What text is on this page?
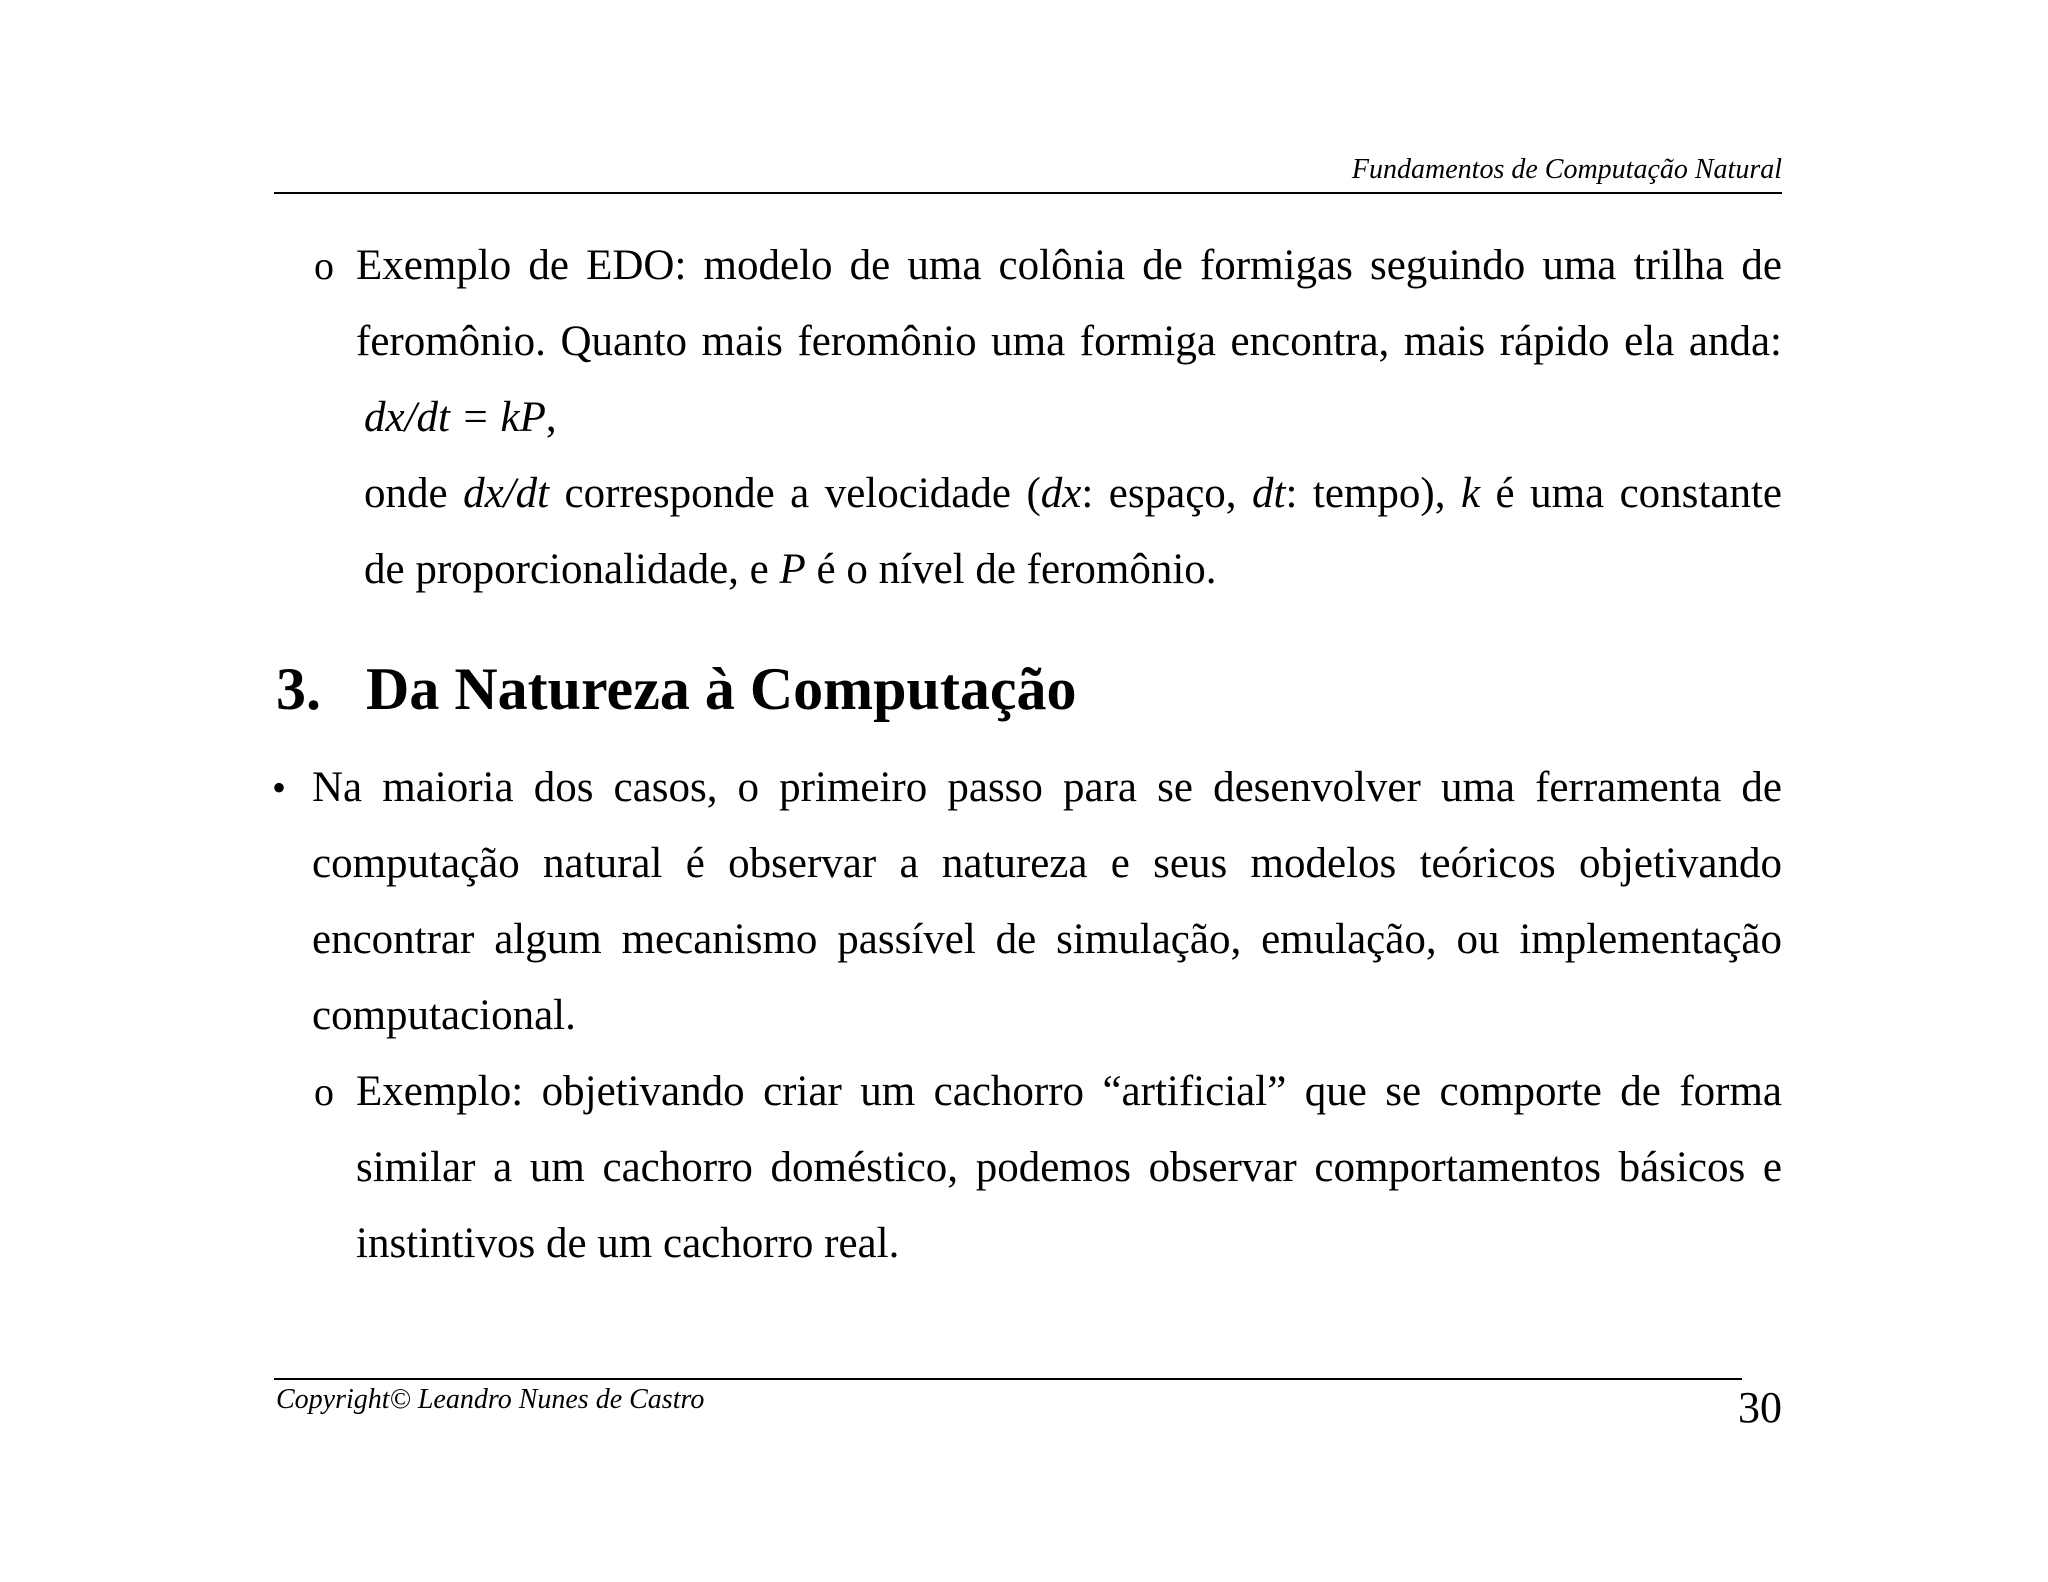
Fundamentos de Computação Natural
o Exemplo de EDO: modelo de uma colônia de formigas seguindo uma trilha de
feromônio. Quanto mais feromônio uma formiga encontra, mais rápido ela anda:
dx/dt = kP,
onde dx/dt corresponde a velocidade (dx: espaço, dt: tempo), k é uma constante
de proporcionalidade, e P é o nível de feromônio.
3. Da Natureza à Computação
• Na maioria dos casos, o primeiro passo para se desenvolver uma ferramenta de
computação natural é observar a natureza e seus modelos teóricos objetivando
encontrar algum mecanismo passível de simulação, emulação, ou implementação
computacional.
o Exemplo: objetivando criar um cachorro “artificial” que se comporte de forma
similar a um cachorro doméstico, podemos observar comportamentos básicos e
instintivos de um cachorro real.
Copyright© Leandro Nunes de Castro	30
